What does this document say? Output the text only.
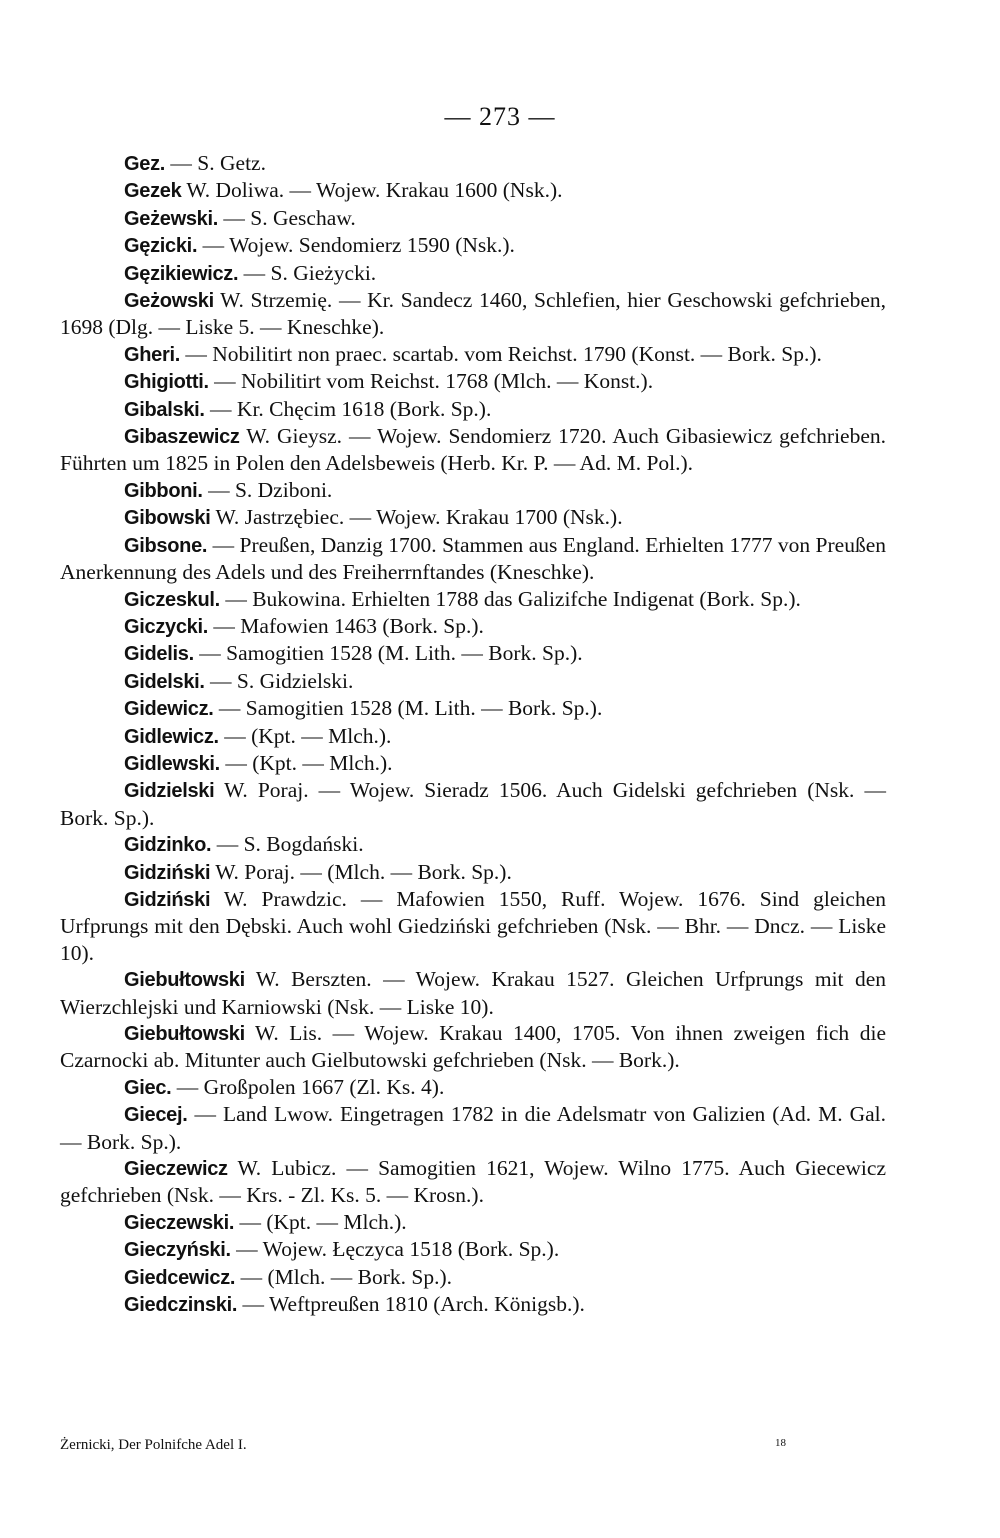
— 273 —

Gez. — S. Getz.

Gezek W. Doliwa. — Wojew. Krakau 1600 (Nsk.).

Geżewski. — S. Geschaw.

Gęzicki. — Wojew. Sendomierz 1590 (Nsk.).

Gęzikiewicz. — S. Gieżycki.

Geżowski W. Strzemię. — Kr. Sandecz 1460, Schlefien, hier Geschowski gefchrieben, 1698 (Dlg. — Liske 5. — Kneschke).

Gheri. — Nobilitirt non praec. scartab. vom Reichst. 1790 (Konst. — Bork. Sp.).

Ghigiotti. — Nobilitirt vom Reichst. 1768 (Mlch. — Konst.).

Gibalski. — Kr. Chęcim 1618 (Bork. Sp.).

Gibaszewicz W. Gieysz. — Wojew. Sendomierz 1720. Auch Gibasiewicz gefchrieben. Führten um 1825 in Polen den Adelsbeweis (Herb. Kr. P. — Ad. M. Pol.).

Gibboni. — S. Dziboni.

Gibowski W. Jastrzębiec. — Wojew. Krakau 1700 (Nsk.).

Gibsone. — Preußen, Danzig 1700. Stammen aus England. Erhielten 1777 von Preußen Anerkennung des Adels und des Freiherrnftandes (Kneschke).

Giczeskul. — Bukowina. Erhielten 1788 das Galizifche Indigenat (Bork. Sp.).

Giczycki. — Mafowien 1463 (Bork. Sp.).

Gidelis. — Samogitien 1528 (M. Lith. — Bork. Sp.).

Gidelski. — S. Gidzielski.

Gidewicz. — Samogitien 1528 (M. Lith. — Bork. Sp.).

Gidlewicz. — (Kpt. — Mlch.).

Gidlewski. — (Kpt. — Mlch.).

Gidzielski W. Poraj. — Wojew. Sieradz 1506. Auch Gidelski gefchrieben (Nsk. — Bork. Sp.).

Gidzinko. — S. Bogdański.

Gidziński W. Poraj. — (Mlch. — Bork. Sp.).

Gidziński W. Prawdzic. — Mafowien 1550, Ruff. Wojew. 1676. Sind gleichen Urfprungs mit den Dębski. Auch wohl Giedziński gefchrieben (Nsk. — Bhr. — Dncz. — Liske 10).

Giebułtowski W. Berszten. — Wojew. Krakau 1527. Gleichen Urfprungs mit den Wierzchlejski und Karniowski (Nsk. — Liske 10).

Giebułtowski W. Lis. — Wojew. Krakau 1400, 1705. Von ihnen zweigen fich die Czarnocki ab. Mitunter auch Gielbutowski gefchrieben (Nsk. — Bork.).

Giec. — Großpolen 1667 (Zl. Ks. 4).

Giecej. — Land Lwow. Eingetragen 1782 in die Adelsmatr von Galizien (Ad. M. Gal. — Bork. Sp.).

Gieczewicz W. Lubicz. — Samogitien 1621, Wojew. Wilno 1775. Auch Giecewicz gefchrieben (Nsk. — Krs. - Zl. Ks. 5. — Krosn.).

Gieczewski. — (Kpt. — Mlch.).

Gieczyński. — Wojew. Łęczyca 1518 (Bork. Sp.).

Giedcewicz. — (Mlch. — Bork. Sp.).

Giedczinski. — Weftpreußen 1810 (Arch. Königsb.).

Żernicki, Der Polnifche Adel I.	18
